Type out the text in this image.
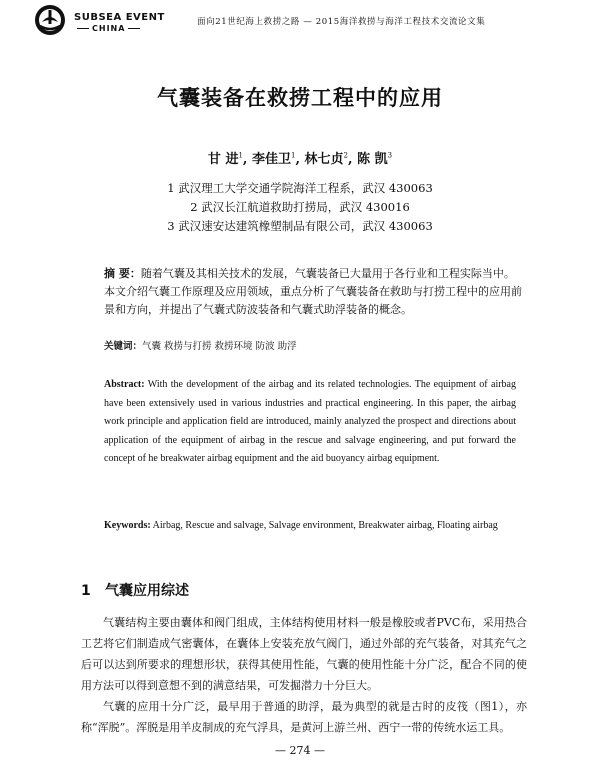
SUBSEA EVENT
CHINA
面向21世纪海上救捞之路 — 2015海洋救捞与海洋工程技术交流论文集
气囊装备在救捞工程中的应用
甘 进$^1$, 李佳卫$^1$, 林七贞$^2$, 陈 凯$^3$
1 武汉理工大学交通学院海洋工程系，武汉 430063
2 武汉长江航道救助打捞局，武汉 430016
3 武汉速安达建筑橡塑制品有限公司，武汉 430063
摘 要：随着气囊及其相关技术的发展，气囊装备已大量用于各行业和工程实际当中。本文介绍气囊工作原理及应用领域，重点分析了气囊装备在救助与打捞工程中的应用前景和方向，并提出了气囊式防波装备和气囊式助浮装备的概念。
关键词：气囊 救捞与打捞 救捞环境 防波 助浮
Abstract: With the development of the airbag and its related technologies. The equipment of airbag have been extensively used in various industries and practical engineering. In this paper, the airbag work principle and application field are introduced, mainly analyzed the prospect and directions about application of the equipment of airbag in the rescue and salvage engineering, and put forward the concept of he breakwater airbag equipment and the aid buoyancy airbag equipment.
Keywords: Airbag, Rescue and salvage, Salvage environment, Breakwater airbag, Floating airbag
1 气囊应用综述

气囊结构主要由囊体和阀门组成，主体结构使用材料一般是橡胶或者PVC布，采用热合工艺将它们制造成气密囊体，在囊体上安装充放气阀门，通过外部的充气装备，对其充气之后可以达到所要求的理想形状，获得其使用性能，气囊的使用性能十分广泛，配合不同的使用方法可以得到意想不到的满意结果，可发掘潜力十分巨大。

气囊的应用十分广泛，最早用于普通的助浮，最为典型的就是古时的皮筏（图1），亦称“浑脱”。浑脱是用羊皮制成的充气浮具，是黄河上游兰州、西宁一带的传统水运工具。

— 274 —
